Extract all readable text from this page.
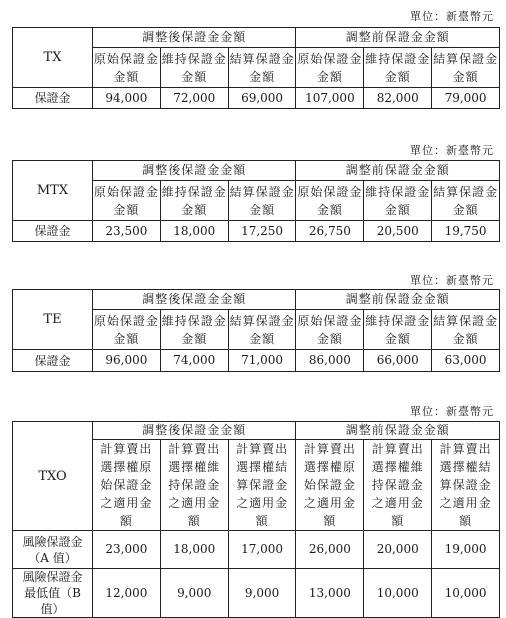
單位：新臺幣元
TX	調整後保證金金額			調整前保證金金額		
	原始保證金金額	維持保證金金額	結算保證金金額	原始保證金金額	維持保證金金額	結算保證金金額
保證金	94,000	72,000	69,000	107,000	82,000	79,000
單位：新臺幣元
MTX	調整後保證金金額			調整前保證金金額		
	原始保證金金額	維持保證金金額	結算保證金金額	原始保證金金額	維持保證金金額	結算保證金金額
保證金	23,500	18,000	17,250	26,750	20,500	19,750
單位：新臺幣元
TE	調整後保證金金額			調整前保證金金額		
	原始保證金金額	維持保證金金額	結算保證金金額	原始保證金金額	維持保證金金額	結算保證金金額
保證金	96,000	74,000	71,000	86,000	66,000	63,000
單位：新臺幣元
TXO	調整後保證金金額			調整前保證金金額		
	計算賣出選擇權原始保證金之適用金額	計算賣出選擇權維持保證金之適用金額	計算賣出選擇權結算保證金之適用金額	計算賣出選擇權原始保證金之適用金額	計算賣出選擇權維持保證金之適用金額	計算賣出選擇權結算保證金之適用金額
風險保證金（A 值）	23,000	18,000	17,000	26,000	20,000	19,000
風險保證金最低值（B 值）	12,000	9,000	9,000	13,000	10,000	10,000
